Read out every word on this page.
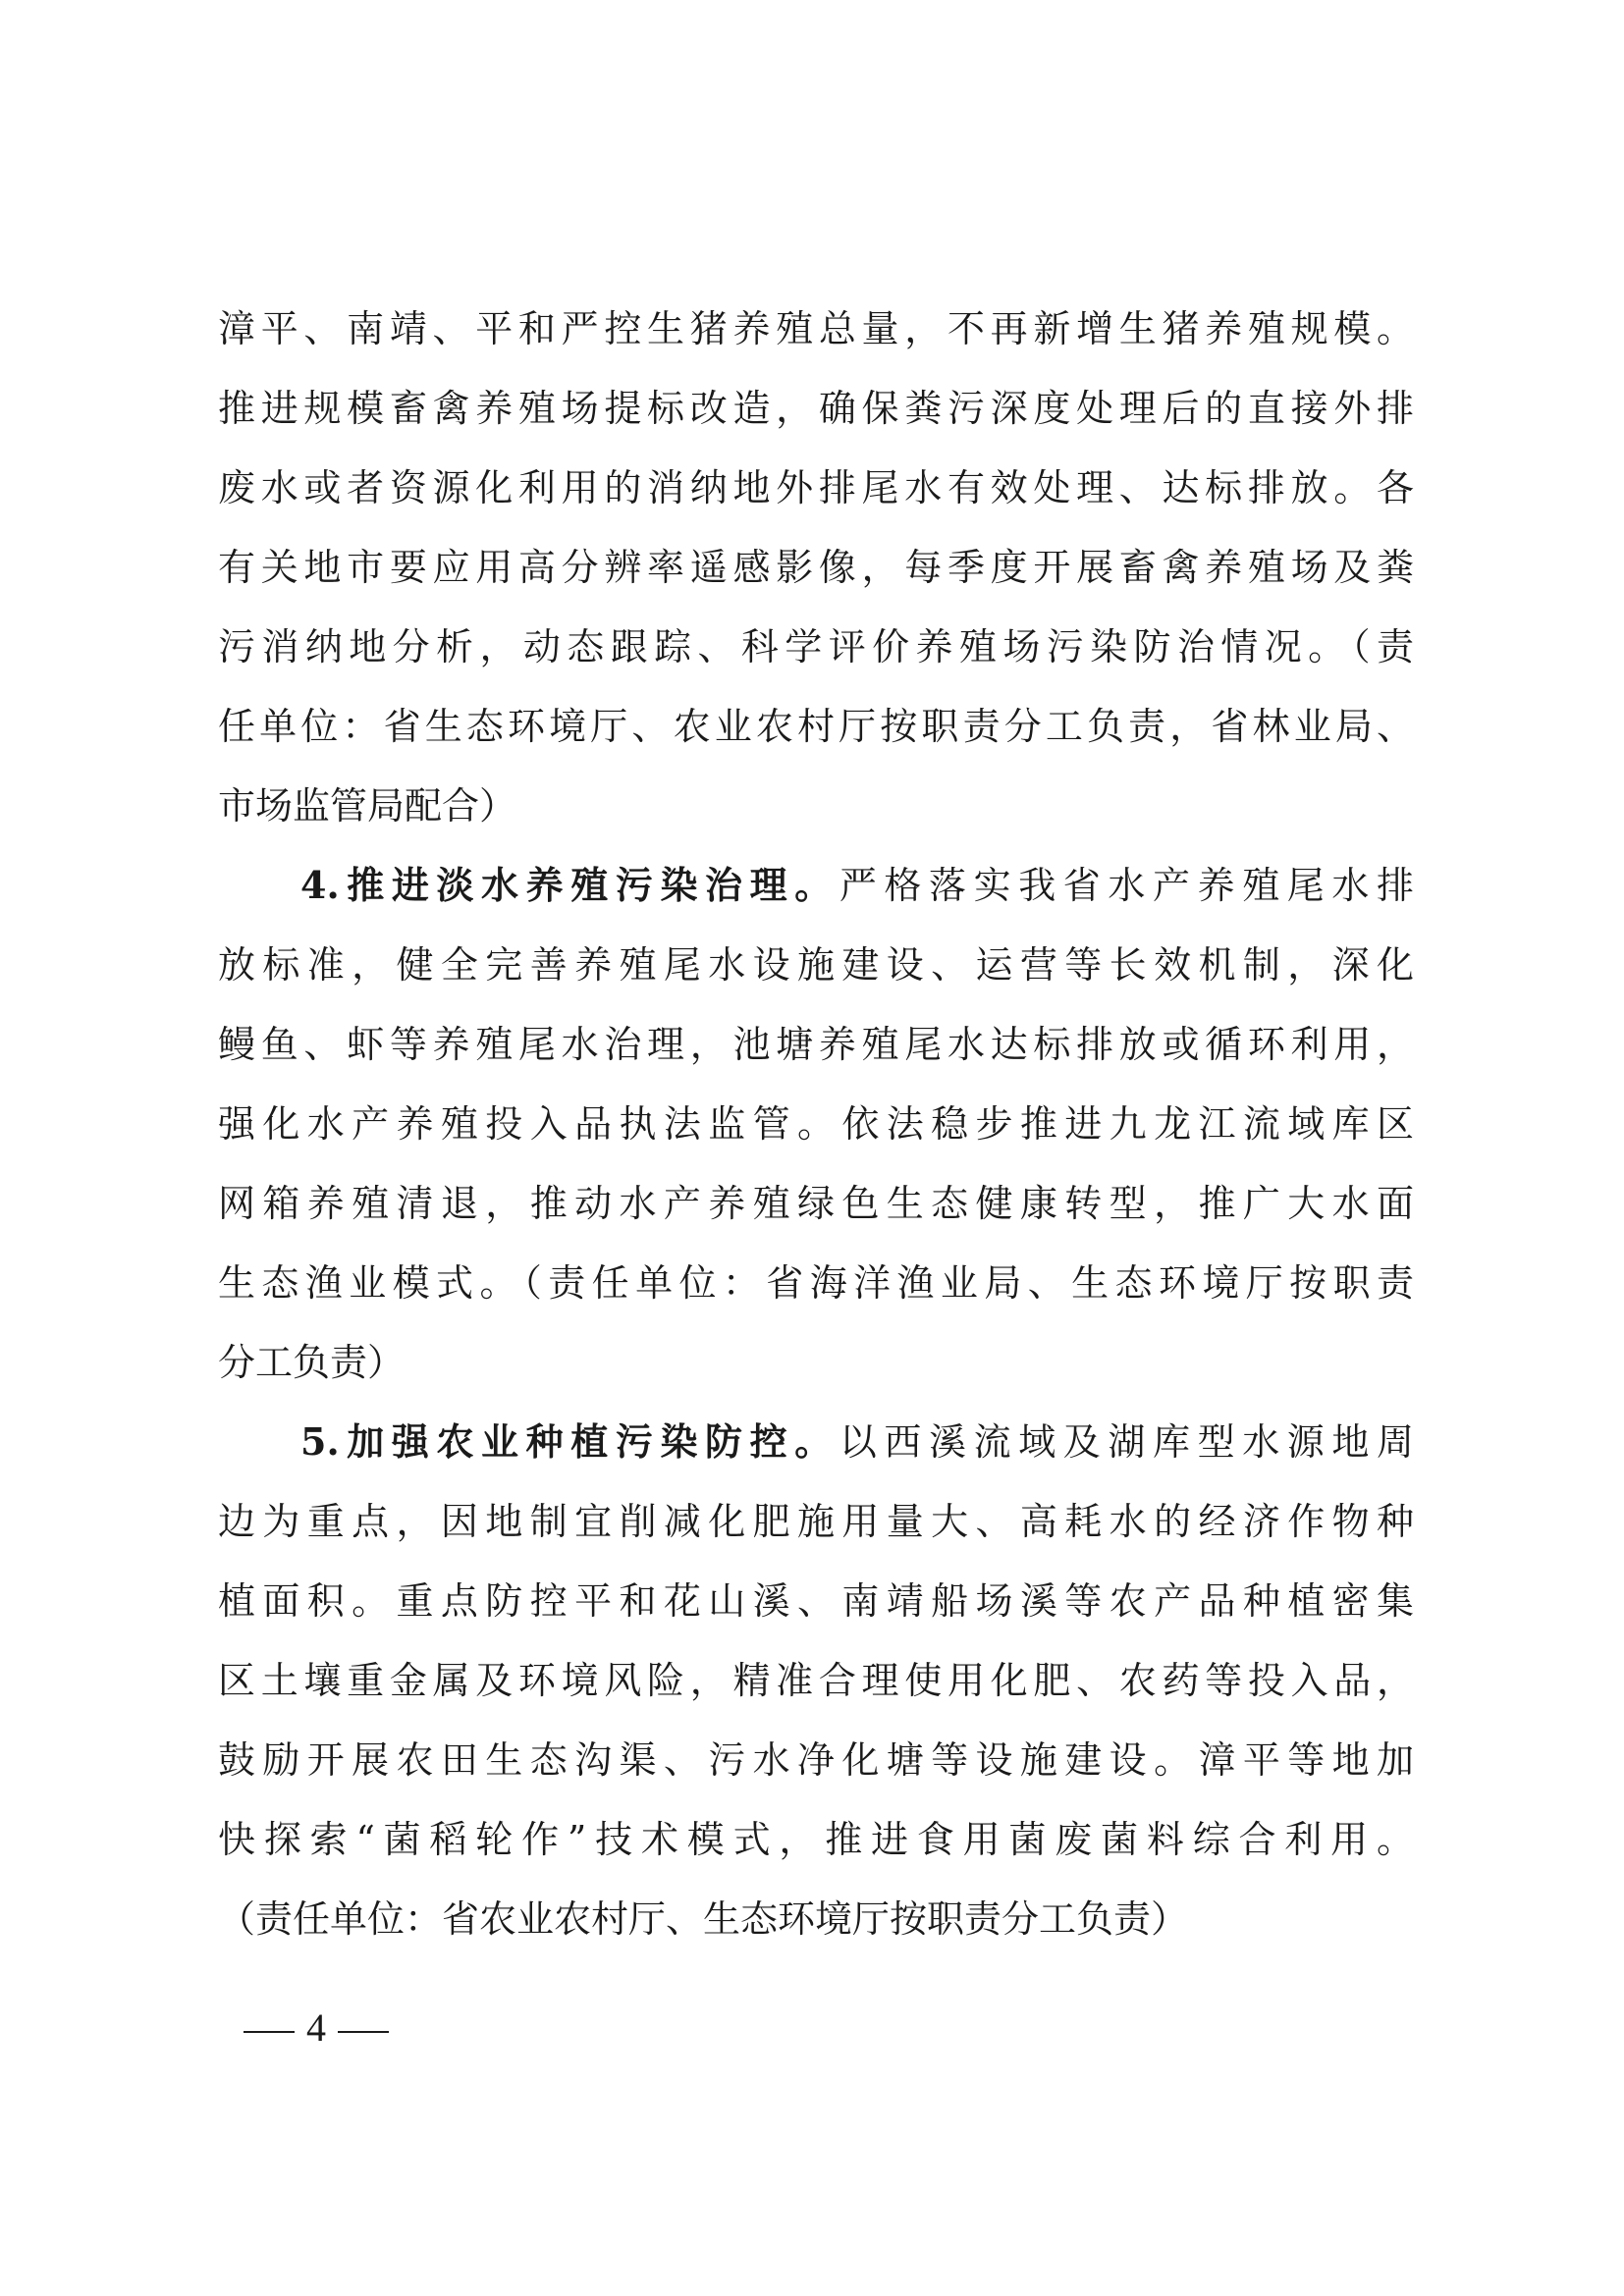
漳平、南靖、平和严控生猪养殖总量，不再新增生猪养殖规模。
推进规模畜禽养殖场提标改造，确保粪污深度处理后的直接外排
废水或者资源化利用的消纳地外排尾水有效处理、达标排放。各
有关地市要应用高分辨率遥感影像，每季度开展畜禽养殖场及粪
污消纳地分析，动态跟踪、科学评价养殖场污染防治情况。（责
任单位：省生态环境厅、农业农村厅按职责分工负责，省林业局、
市场监管局配合）
4.推进淡水养殖污染治理。严格落实我省水产养殖尾水排
放标准，健全完善养殖尾水设施建设、运营等长效机制，深化
鳗鱼、虾等养殖尾水治理，池塘养殖尾水达标排放或循环利用，
强化水产养殖投入品执法监管。依法稳步推进九龙江流域库区
网箱养殖清退，推动水产养殖绿色生态健康转型，推广大水面
生态渔业模式。（责任单位：省海洋渔业局、生态环境厅按职责
分工负责）
5.加强农业种植污染防控。以西溪流域及湖库型水源地周
边为重点，因地制宜削减化肥施用量大、高耗水的经济作物种
植面积。重点防控平和花山溪、南靖船场溪等农产品种植密集
区土壤重金属及环境风险，精准合理使用化肥、农药等投入品，
鼓励开展农田生态沟渠、污水净化塘等设施建设。漳平等地加
快探索“菌稻轮作”技术模式，推进食用菌废菌料综合利用。
4
（责任单位：省农业农村厅、生态环境厅按职责分工负责）
